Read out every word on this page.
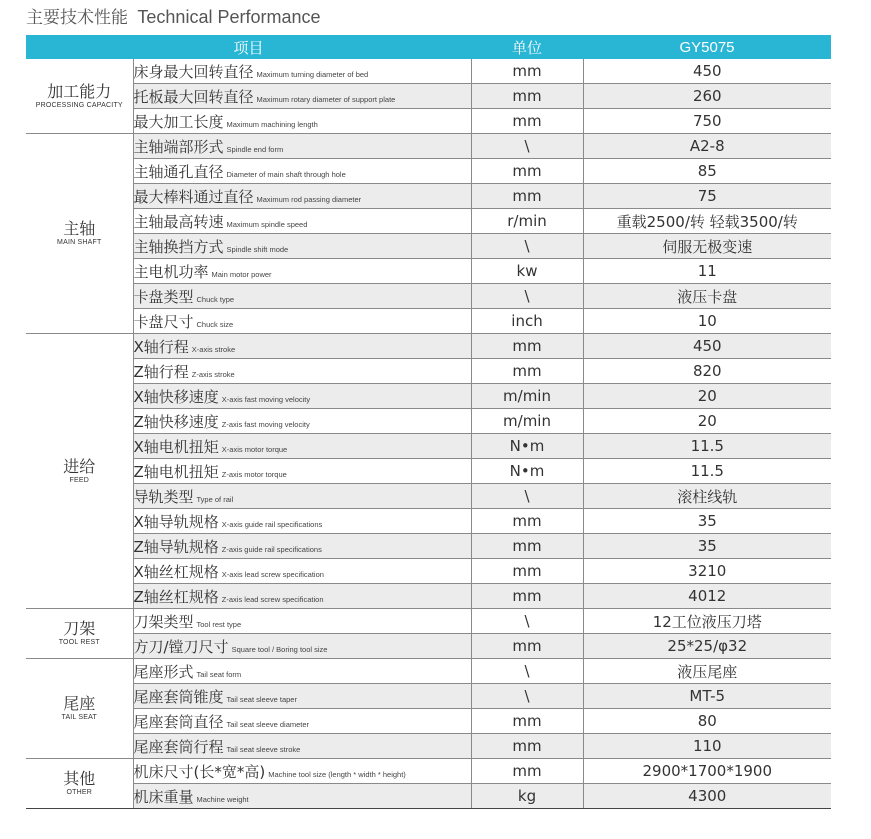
主要技术性能 Technical Performance
项目		单位	GY5075

加工能力
PROCESSING CAPACITY	床身最大回转直径 Maximum turning diameter of bed	mm	450
	托板最大回转直径 Maximum rotary diameter of support plate	mm	260
	最大加工长度 Maximum machining length	mm	750

主轴
MAIN SHAFT	主轴端部形式 Spindle end form	\	A2-8
	主轴通孔直径 Diameter of main shaft through hole	mm	85
	最大棒料通过直径 Maximum rod passing diameter	mm	75
	主轴最高转速 Maximum spindle speed	r/min	重载2500/转 轻载3500/转
	主轴换挡方式 Spindle shift mode	\	伺服无极变速
	主电机功率 Main motor power	kw	11
	卡盘类型 Chuck type	\	液压卡盘
	卡盘尺寸 Chuck size	inch	10

进给
FEED	X轴行程 X-axis stroke	mm	450
	Z轴行程 Z-axis stroke	mm	820
	X轴快移速度 X-axis fast moving velocity	m/min	20
	Z轴快移速度 Z-axis fast moving velocity	m/min	20
	X轴电机扭矩 X-axis motor torque	N•m	11.5
	Z轴电机扭矩 Z-axis motor torque	N•m	11.5
	导轨类型 Type of rail	\	滚柱线轨
	X轴导轨规格 X-axis guide rail specifications	mm	35
	Z轴导轨规格 Z-axis guide rail specifications	mm	35
	X轴丝杠规格 X-axis lead screw specification	mm	3210
	Z轴丝杠规格 Z-axis lead screw specification	mm	4012

刀架
TOOL REST	刀架类型 Tool rest type	\	12工位液压刀塔
	方刀/镗刀尺寸 Square tool / Boring tool size	mm	25*25/φ32

尾座
TAIL SEAT	尾座形式 Tail seat form	\	液压尾座
	尾座套筒锥度 Tail seat sleeve taper	\	MT-5
	尾座套筒直径 Tail seat sleeve diameter	mm	80
	尾座套筒行程 Tail seat sleeve stroke	mm	110

其他
OTHER	机床尺寸(长*宽*高) Machine tool size (length * width * height)	mm	2900*1700*1900
	机床重量 Machine weight	kg	4300
